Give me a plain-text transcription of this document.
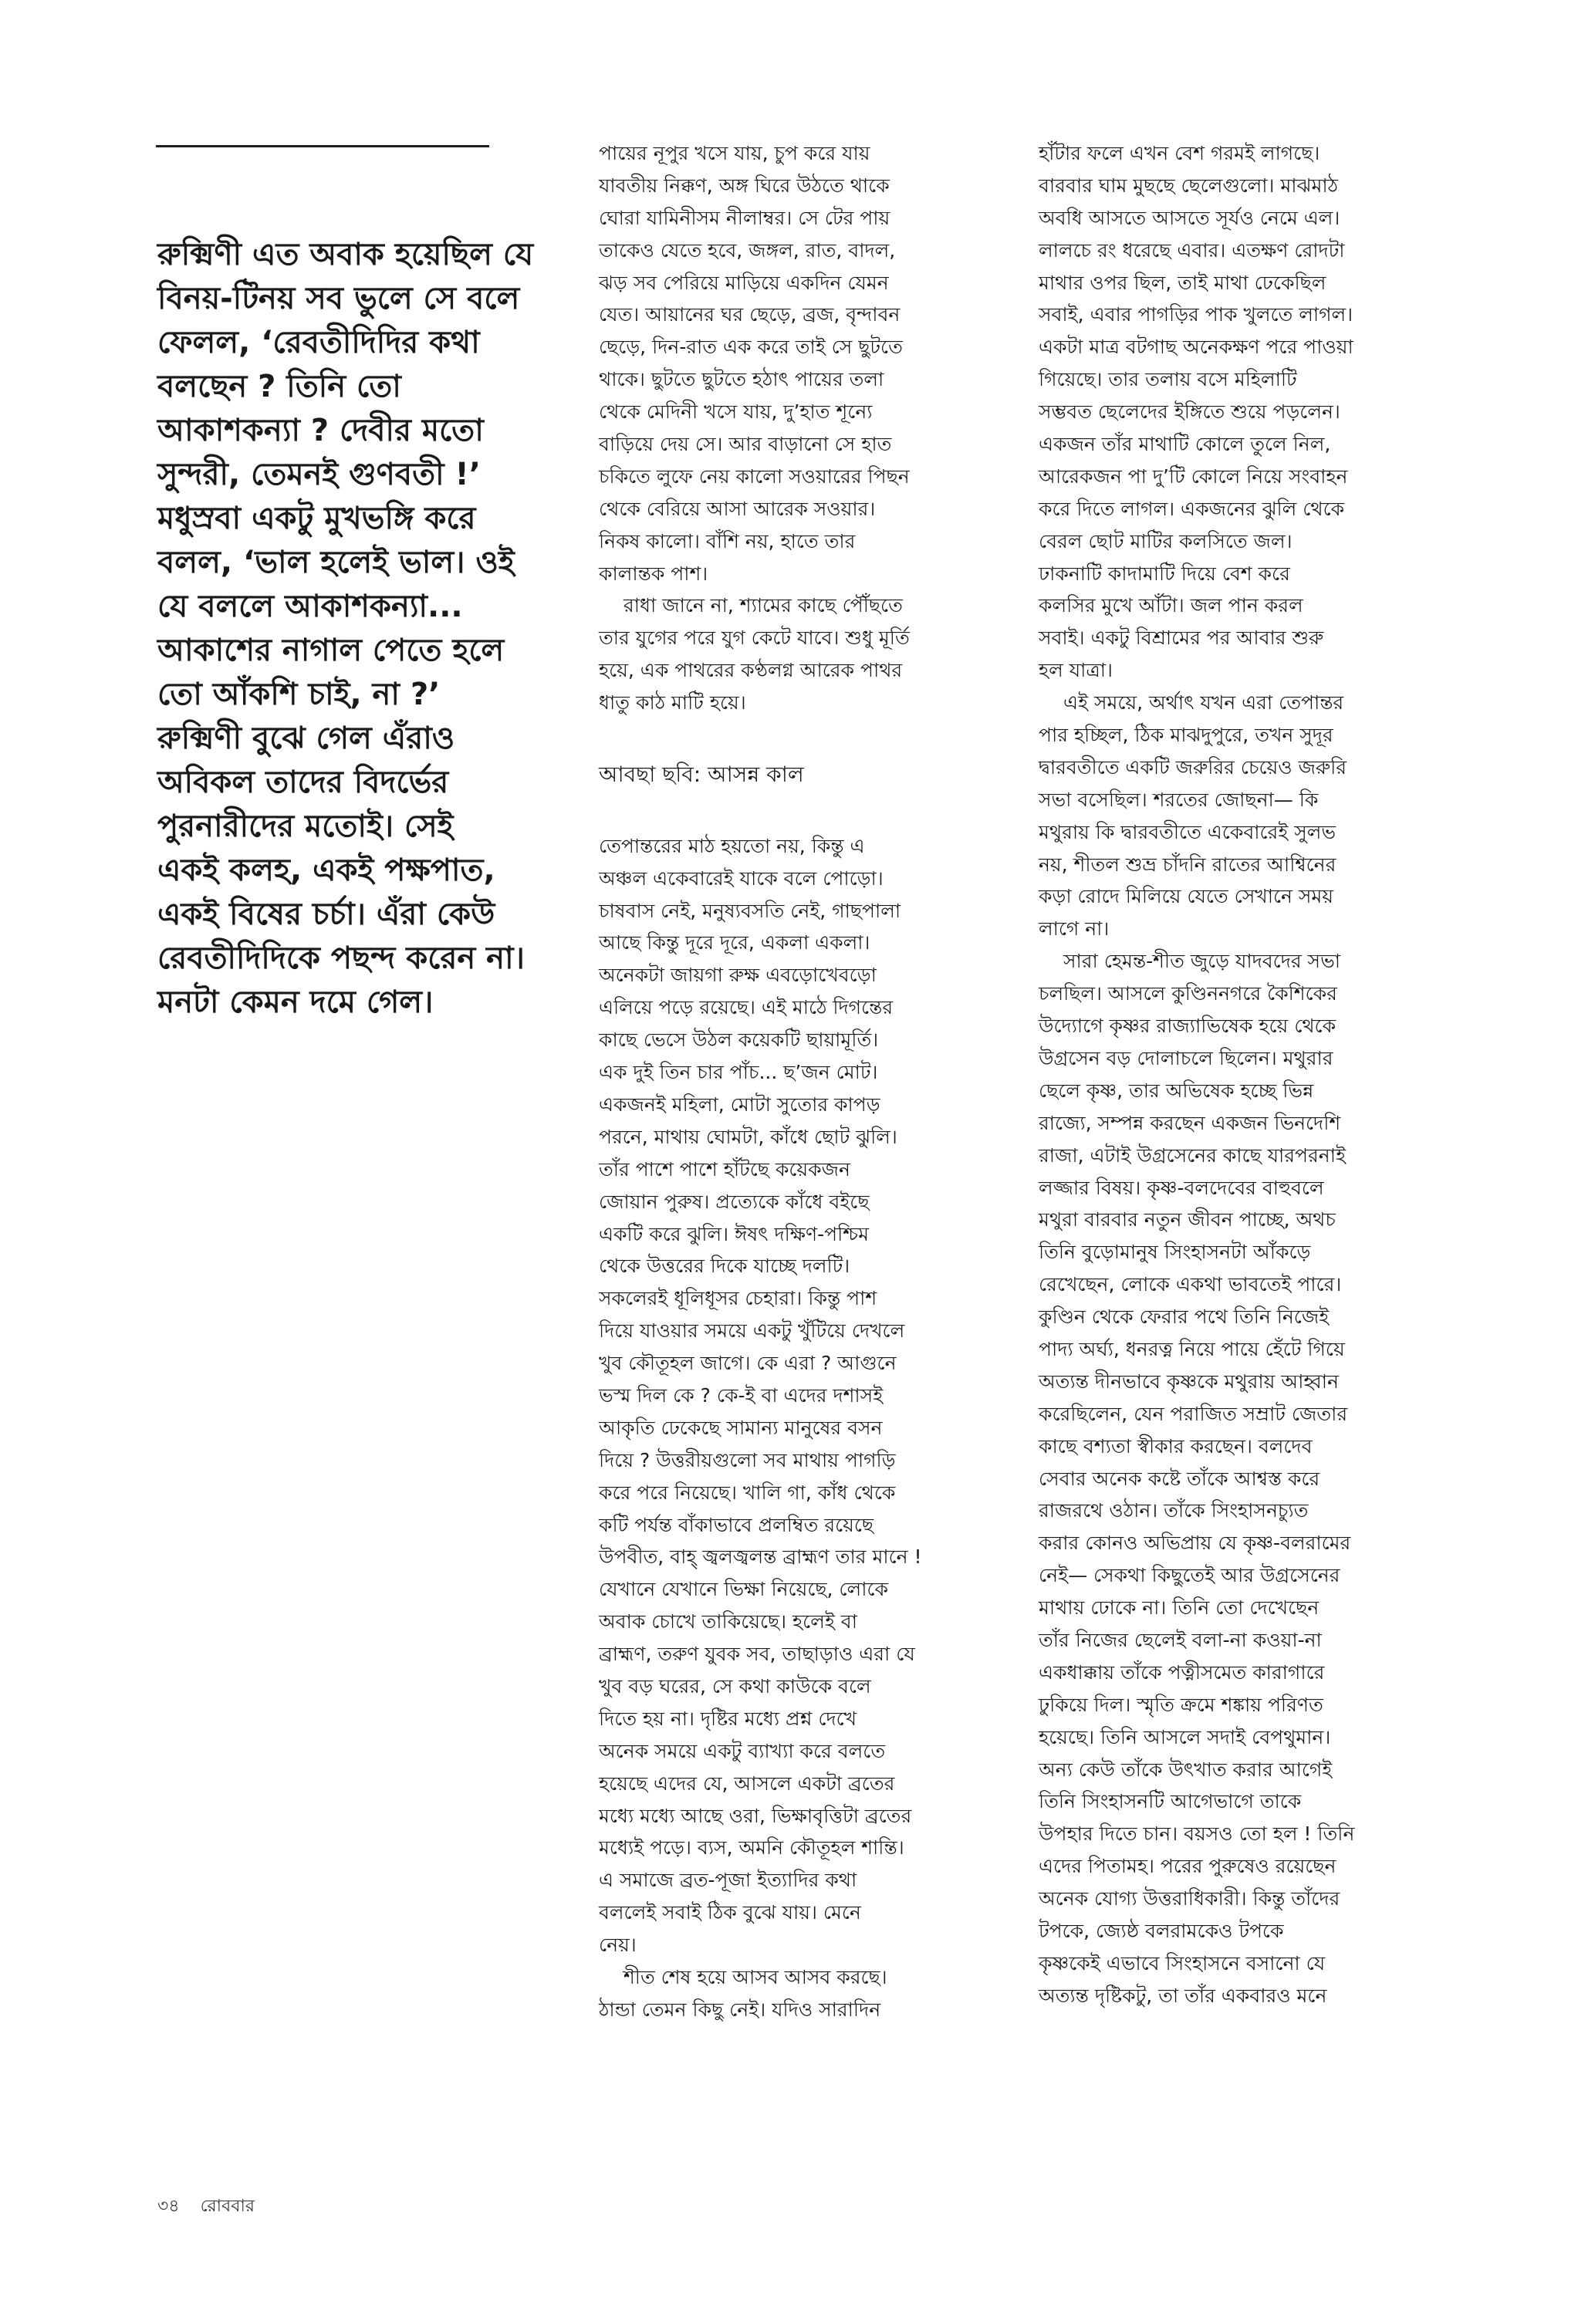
রুক্মিণী এত অবাক হয়েছিল যে
বিনয়-টিনয় সব ভুলে সে বলে
ফেলল, ‘রেবতীদিদির কথা
বলছেন ? তিনি তো
আকাশকন্যা ? দেবীর মতো
সুন্দরী, তেমনই গুণবতী !’
মধুস্রবা একটু মুখভঙ্গি করে
বলল, ‘ভাল হলেই ভাল। ওই
যে বললে আকাশকন্যা...
আকাশের নাগাল পেতে হলে
তো আঁকশি চাই, না ?’
রুক্মিণী বুঝে গেল এঁরাও
অবিকল তাদের বিদর্ভের
পুরনারীদের মতোই। সেই
একই কলহ, একই পক্ষপাত,
একই বিষের চর্চা। এঁরা কেউ
রেবতীদিদিকে পছন্দ করেন না।
মনটা কেমন দমে গেল।
পায়ের নূপুর খসে যায়, চুপ করে যায়
যাবতীয় নিক্কণ, অঙ্গ ঘিরে উঠতে থাকে
ঘোরা যামিনীসম নীলাম্বর। সে টের পায়
তাকেও যেতে হবে, জঙ্গল, রাত, বাদল,
ঝড় সব পেরিয়ে মাড়িয়ে একদিন যেমন
যেত। আয়ানের ঘর ছেড়ে, ব্রজ, বৃন্দাবন
ছেড়ে, দিন-রাত এক করে তাই সে ছুটতে
থাকে। ছুটতে ছুটতে হঠাৎ পায়ের তলা
থেকে মেদিনী খসে যায়, দু’হাত শূন্যে
বাড়িয়ে দেয় সে। আর বাড়ানো সে হাত
চকিতে লুফে নেয় কালো সওয়ারের পিছন
থেকে বেরিয়ে আসা আরেক সওয়ার।
নিকষ কালো। বাঁশি নয়, হাতে তার
কালান্তক পাশ।
রাধা জানে না, শ্যামের কাছে পৌঁছতে
তার যুগের পরে যুগ কেটে যাবে। শুধু মূর্তি
হয়ে, এক পাথরের কণ্ঠলগ্ন আরেক পাথর
ধাতু কাঠ মাটি হয়ে।
আবছা ছবি: আসন্ন কাল
তেপান্তরের মাঠ হয়তো নয়, কিন্তু এ
অঞ্চল একেবারেই যাকে বলে পোড়ো।
চাষবাস নেই, মনুষ্যবসতি নেই, গাছপালা
আছে কিন্তু দূরে দূরে, একলা একলা।
অনেকটা জায়গা রুক্ষ এবড়োখেবড়ো
এলিয়ে পড়ে রয়েছে। এই মাঠে দিগন্তের
কাছে ভেসে উঠল কয়েকটি ছায়ামূর্তি।
এক দুই তিন চার পাঁচ... ছ’জন মোট।
একজনই মহিলা, মোটা সুতোর কাপড়
পরনে, মাথায় ঘোমটা, কাঁধে ছোট ঝুলি।
তাঁর পাশে পাশে হাঁটছে কয়েকজন
জোয়ান পুরুষ। প্রত্যেকে কাঁধে বইছে
একটি করে ঝুলি। ঈষৎ দক্ষিণ-পশ্চিম
থেকে উত্তরের দিকে যাচ্ছে দলটি।
সকলেরই ধূলিধূসর চেহারা। কিন্তু পাশ
দিয়ে যাওয়ার সময়ে একটু খুঁটিয়ে দেখলে
খুব কৌতূহল জাগে। কে এরা ? আগুনে
ভস্ম দিল কে ? কে-ই বা এদের দশাসই
আকৃতি ঢেকেছে সামান্য মানুষের বসন
দিয়ে ? উত্তরীয়গুলো সব মাথায় পাগড়ি
করে পরে নিয়েছে। খালি গা, কাঁধ থেকে
কটি পর্যন্ত বাঁকাভাবে প্রলম্বিত রয়েছে
উপবীত, বাহ্‌ জ্বলজ্বলন্ত ব্রাহ্মণ তার মানে !
যেখানে যেখানে ভিক্ষা নিয়েছে, লোকে
অবাক চোখে তাকিয়েছে। হলেই বা
ব্রাহ্মণ, তরুণ যুবক সব, তাছাড়াও এরা যে
খুব বড় ঘরের, সে কথা কাউকে বলে
দিতে হয় না। দৃষ্টির মধ্যে প্রশ্ন দেখে
অনেক সময়ে একটু ব্যাখ্যা করে বলতে
হয়েছে এদের যে, আসলে একটা ব্রতের
মধ্যে মধ্যে আছে ওরা, ভিক্ষাবৃত্তিটা ব্রতের
মধ্যেই পড়ে। ব্যস, অমনি কৌতূহল শান্তি।
এ সমাজে ব্রত-পূজা ইত্যাদির কথা
বললেই সবাই ঠিক বুঝে যায়। মেনে
নেয়।
শীত শেষ হয়ে আসব আসব করছে।
ঠান্ডা তেমন কিছু নেই। যদিও সারাদিন
হাঁটার ফলে এখন বেশ গরমই লাগছে।
বারবার ঘাম মুছছে ছেলেগুলো। মাঝমাঠ
অবধি আসতে আসতে সূর্যও নেমে এল।
লালচে রং ধরেছে এবার। এতক্ষণ রোদটা
মাথার ওপর ছিল, তাই মাথা ঢেকেছিল
সবাই, এবার পাগড়ির পাক খুলতে লাগল।
একটা মাত্র বটগাছ অনেকক্ষণ পরে পাওয়া
গিয়েছে। তার তলায় বসে মহিলাটি
সম্ভবত ছেলেদের ইঙ্গিতে শুয়ে পড়লেন।
একজন তাঁর মাথাটি কোলে তুলে নিল,
আরেকজন পা দু’টি কোলে নিয়ে সংবাহন
করে দিতে লাগল। একজনের ঝুলি থেকে
বেরল ছোট মাটির কলসিতে জল।
ঢাকনাটি কাদামাটি দিয়ে বেশ করে
কলসির মুখে আঁটা। জল পান করল
সবাই। একটু বিশ্রামের পর আবার শুরু
হল যাত্রা।
এই সময়ে, অর্থাৎ যখন এরা তেপান্তর
পার হচ্ছিল, ঠিক মাঝদুপুরে, তখন সুদূর
দ্বারবতীতে একটি জরুরির চেয়েও জরুরি
সভা বসেছিল। শরতের জোছনা— কি
মথুরায় কি দ্বারবতীতে একেবারেই সুলভ
নয়, শীতল শুভ্র চাঁদনি রাতের আশ্বিনের
কড়া রোদে মিলিয়ে যেতে সেখানে সময়
লাগে না।
সারা হেমন্ত-শীত জুড়ে যাদবদের সভা
চলছিল। আসলে কুণ্ডিননগরে কৈশিকের
উদ্যোগে কৃষ্ণর রাজ্যাভিষেক হয়ে থেকে
উগ্রসেন বড় দোলাচলে ছিলেন। মথুরার
ছেলে কৃষ্ণ, তার অভিষেক হচ্ছে ভিন্ন
রাজ্যে, সম্পন্ন করছেন একজন ভিনদেশি
রাজা, এটাই উগ্রসেনের কাছে যারপরনাই
লজ্জার বিষয়। কৃষ্ণ-বলদেবের বাহুবলে
মথুরা বারবার নতুন জীবন পাচ্ছে, অথচ
তিনি বুড়োমানুষ সিংহাসনটা আঁকড়ে
রেখেছেন, লোকে একথা ভাবতেই পারে।
কুণ্ডিন থেকে ফেরার পথে তিনি নিজেই
পাদ্য অর্ঘ্য, ধনরত্ন নিয়ে পায়ে হেঁটে গিয়ে
অত্যন্ত দীনভাবে কৃষ্ণকে মথুরায় আহ্বান
করেছিলেন, যেন পরাজিত সম্রাট জেতার
কাছে বশ্যতা স্বীকার করছেন। বলদেব
সেবার অনেক কষ্টে তাঁকে আশ্বস্ত করে
রাজরথে ওঠান। তাঁকে সিংহাসনচ্যুত
করার কোনও অভিপ্রায় যে কৃষ্ণ-বলরামের
নেই— সেকথা কিছুতেই আর উগ্রসেনের
মাথায় ঢোকে না। তিনি তো দেখেছেন
তাঁর নিজের ছেলেই বলা-না কওয়া-না
একধাক্কায় তাঁকে পত্নীসমেত কারাগারে
ঢুকিয়ে দিল। স্মৃতি ক্রমে শঙ্কায় পরিণত
হয়েছে। তিনি আসলে সদাই বেপথুমান।
অন্য কেউ তাঁকে উৎখাত করার আগেই
তিনি সিংহাসনটি আগেভাগে তাকে
উপহার দিতে চান। বয়সও তো হল ! তিনি
এদের পিতামহ। পরের পুরুষেও রয়েছেন
অনেক যোগ্য উত্তরাধিকারী। কিন্তু তাঁদের
টপকে, জ্যেষ্ঠ বলরামকেও টপকে
কৃষ্ণকেই এভাবে সিংহাসনে বসানো যে
অত্যন্ত দৃষ্টিকটু, তা তাঁর একবারও মনে
৩৪ রোববার
